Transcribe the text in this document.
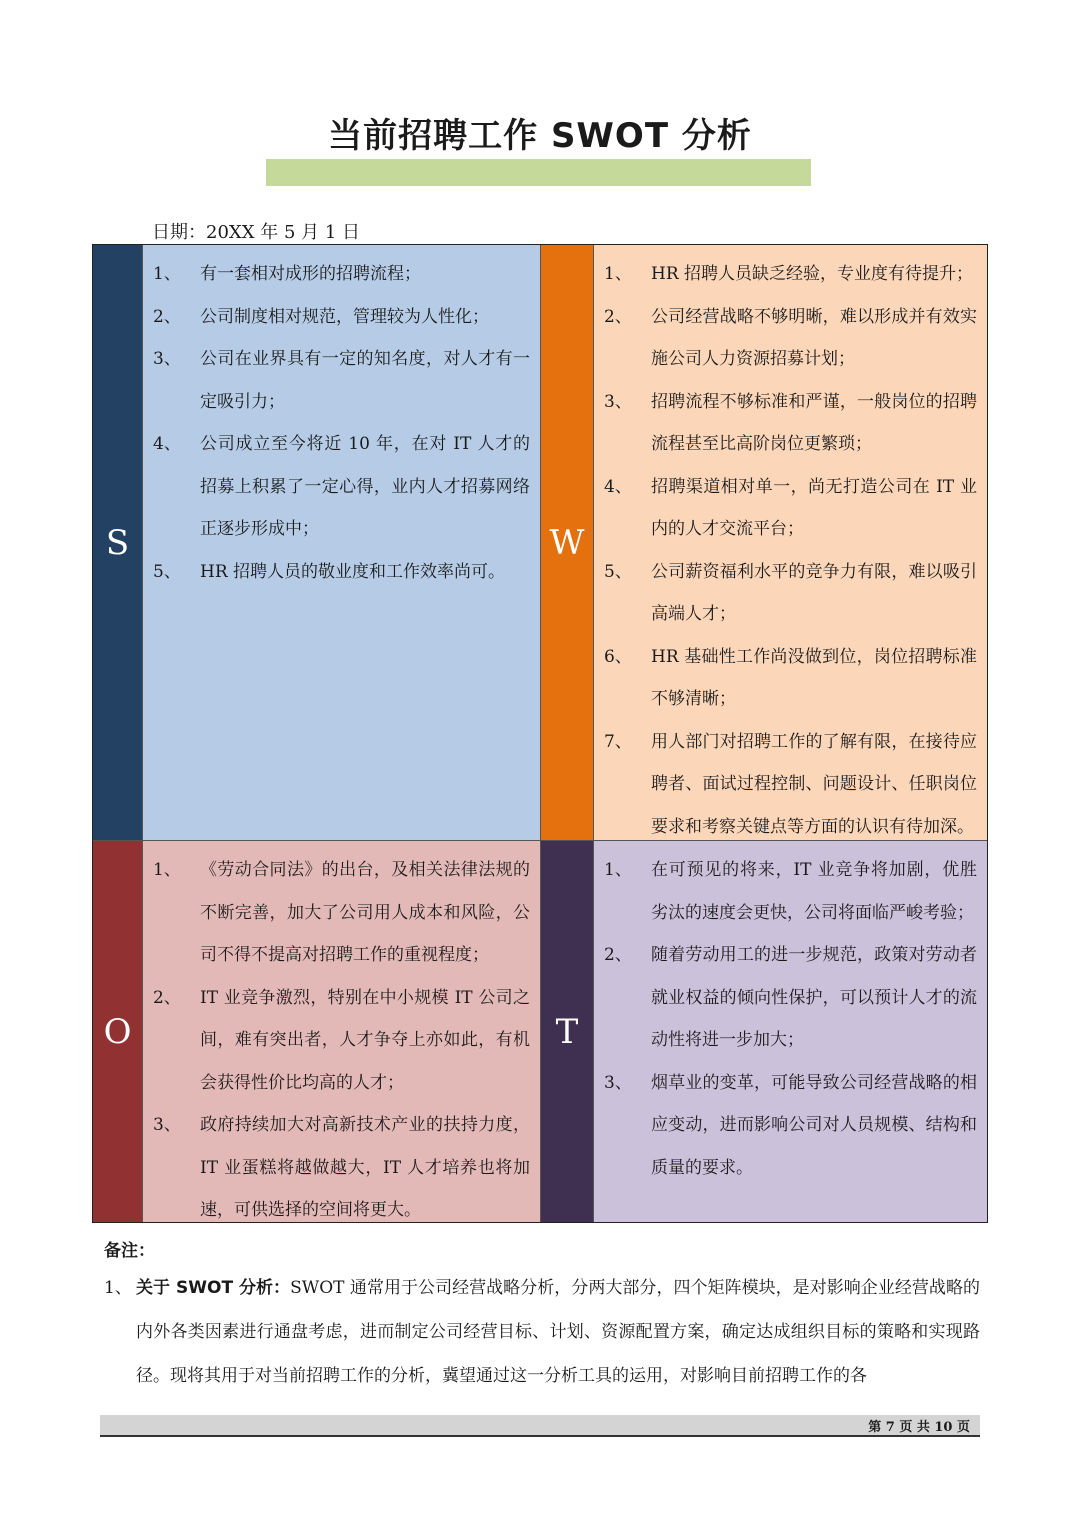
当前招聘工作 SWOT 分析
日期：20XX 年 5 月 1 日
S
1、	有一套相对成形的招聘流程；
2、	公司制度相对规范，管理较为人性化；
3、	公司在业界具有一定的知名度，对人才有一定吸引力；
4、	公司成立至今将近 10 年，在对 IT 人才的招募上积累了一定心得，业内人才招募网络正逐步形成中；
5、	HR 招聘人员的敬业度和工作效率尚可。
W
1、	HR 招聘人员缺乏经验，专业度有待提升；
2、	公司经营战略不够明晰，难以形成并有效实施公司人力资源招募计划；
3、	招聘流程不够标准和严谨，一般岗位的招聘流程甚至比高阶岗位更繁琐；
4、	招聘渠道相对单一，尚无打造公司在 IT 业内的人才交流平台；
5、	公司薪资福利水平的竞争力有限，难以吸引高端人才；
6、	HR 基础性工作尚没做到位，岗位招聘标准不够清晰；
7、	用人部门对招聘工作的了解有限，在接待应聘者、面试过程控制、问题设计、任职岗位要求和考察关键点等方面的认识有待加深。
O
1、	《劳动合同法》的出台，及相关法律法规的不断完善，加大了公司用人成本和风险，公司不得不提高对招聘工作的重视程度；
2、	IT 业竞争激烈，特别在中小规模 IT 公司之间，难有突出者，人才争夺上亦如此，有机会获得性价比均高的人才；
3、	政府持续加大对高新技术产业的扶持力度，IT 业蛋糕将越做越大，IT 人才培养也将加速，可供选择的空间将更大。
T
1、	在可预见的将来，IT 业竞争将加剧，优胜劣汰的速度会更快，公司将面临严峻考验；
2、	随着劳动用工的进一步规范，政策对劳动者就业权益的倾向性保护，可以预计人才的流动性将进一步加大；
3、	烟草业的变革，可能导致公司经营战略的相应变动，进而影响公司对人员规模、结构和质量的要求。
备注：
1、 关于 SWOT 分析：SWOT 通常用于公司经营战略分析，分两大部分，四个矩阵模块，是对影响企业经营战略的内外各类因素进行通盘考虑，进而制定公司经营目标、计划、资源配置方案，确定达成组织目标的策略和实现路径。现将其用于对当前招聘工作的分析，冀望通过这一分析工具的运用，对影响目前招聘工作的各
第 7 页 共 10 页
